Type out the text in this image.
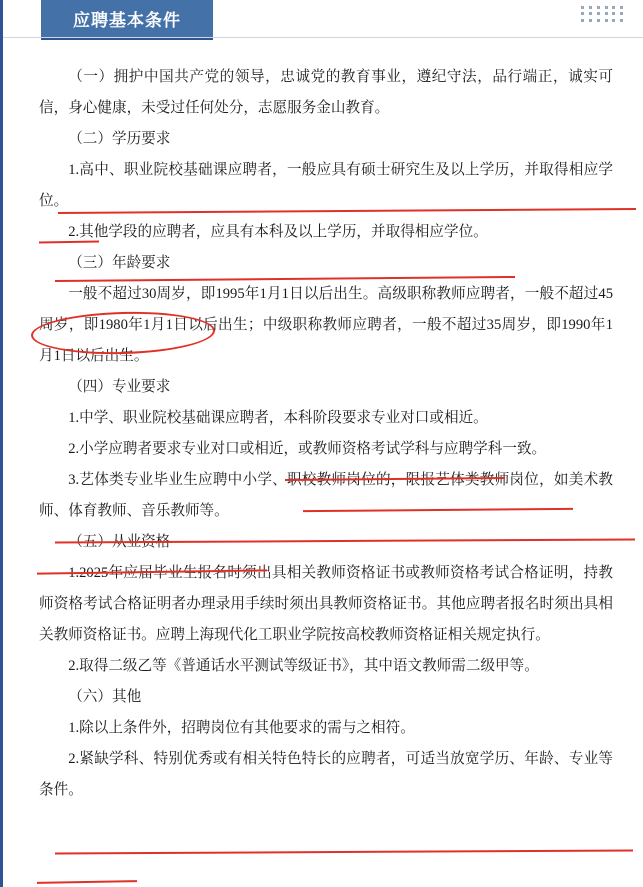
应聘基本条件

（一）拥护中国共产党的领导，忠诚党的教育事业，遵纪守法，品行端正，诚实可信，身心健康，未受过任何处分，志愿服务金山教育。

（二）学历要求

1.高中、职业院校基础课应聘者，一般应具有硕士研究生及以上学历，并取得相应学位。

2.其他学段的应聘者，应具有本科及以上学历，并取得相应学位。

（三）年龄要求

一般不超过30周岁，即1995年1月1日以后出生。高级职称教师应聘者，一般不超过45周岁，即1980年1月1日以后出生；中级职称教师应聘者，一般不超过35周岁，即1990年1月1日以后出生。

（四）专业要求

1.中学、职业院校基础课应聘者，本科阶段要求专业对口或相近。

2.小学应聘者要求专业对口或相近，或教师资格考试学科与应聘学科一致。

3.艺体类专业毕业生应聘中小学、职校教师岗位的，限报艺体类教师岗位，如美术教师、体育教师、音乐教师等。

（五）从业资格

1.2025年应届毕业生报名时须出具相关教师资格证书或教师资格考试合格证明，持教师资格考试合格证明者办理录用手续时须出具教师资格证书。其他应聘者报名时须出具相关教师资格证书。应聘上海现代化工职业学院按高校教师资格证相关规定执行。

2.取得二级乙等《普通话水平测试等级证书》，其中语文教师需二级甲等。

（六）其他

1.除以上条件外，招聘岗位有其他要求的需与之相符。

2.紧缺学科、特别优秀或有相关特色特长的应聘者，可适当放宽学历、年龄、专业等条件。
